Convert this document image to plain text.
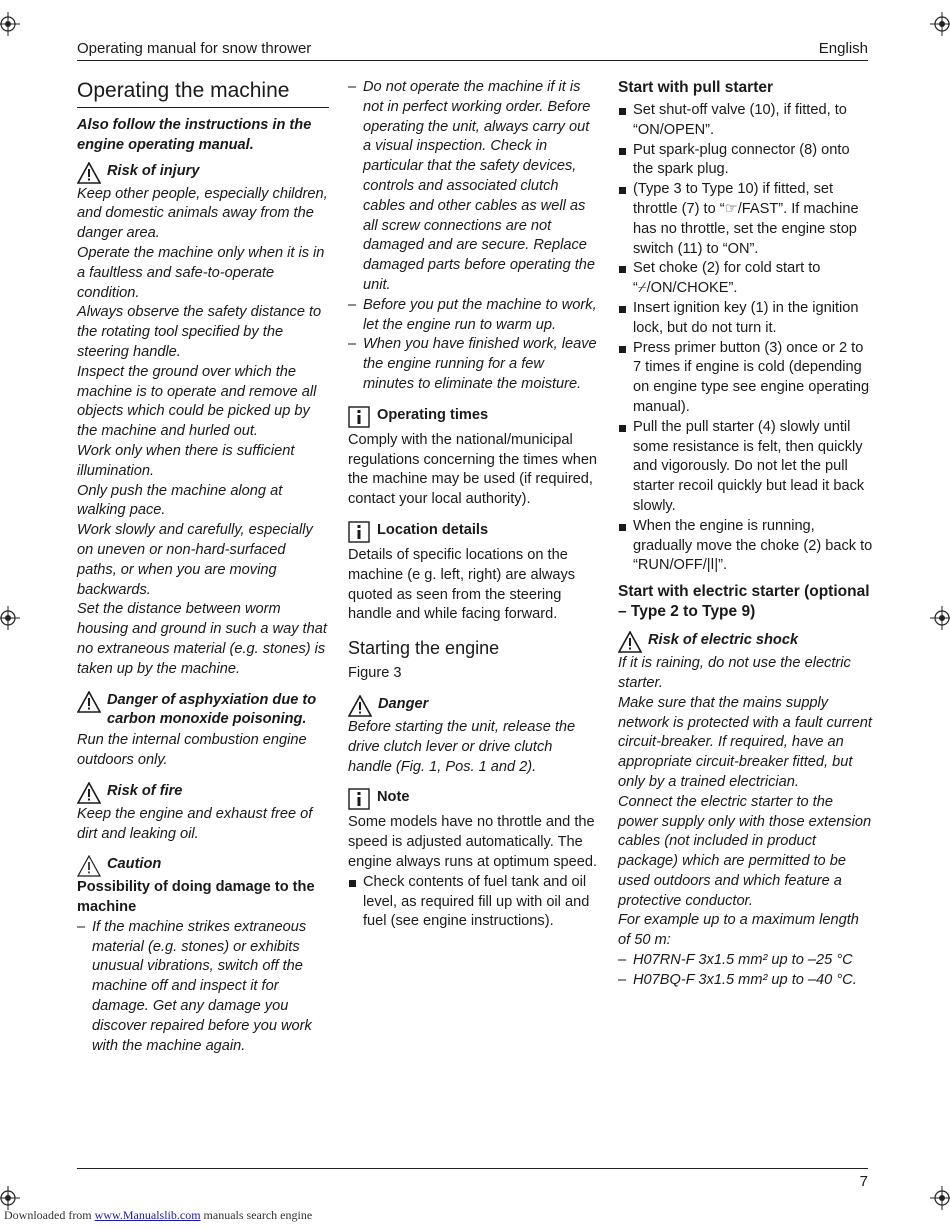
Operating manual for snow thrower	English
Operating the machine

Also follow the instructions in the engine operating manual.

Risk of injury

Keep other people, especially children, and domestic animals away from the danger area.

Operate the machine only when it is in a faultless and safe-to-operate condition.

Always observe the safety distance to the rotating tool specified by the steering handle.

Inspect the ground over which the machine is to operate and remove all objects which could be picked up by the machine and hurled out.

Work only when there is sufficient illumination.

Only push the machine along at walking pace.

Work slowly and carefully, especially on uneven or non-hard-surfaced paths, or when you are moving backwards.

Set the distance between worm housing and ground in such a way that no extraneous material (e.g. stones) is taken up by the machine.

Danger of asphyxiation due to carbon monoxide poisoning.

Run the internal combustion engine outdoors only.

Risk of fire

Keep the engine and exhaust free of dirt and leaking oil.

Caution

Possibility of doing damage to the machine

– If the machine strikes extraneous material (e.g. stones) or exhibits unusual vibrations, switch off the machine off and inspect it for damage. Get any damage you discover repaired before you work with the machine again.

– Do not operate the machine if it is not in perfect working order. Before operating the unit, always carry out a visual inspection. Check in particular that the safety devices, controls and associated clutch cables and other cables as well as all screw connections are not damaged and are secure. Replace damaged parts before operating the unit.

– Before you put the machine to work, let the engine run to warm up.

– When you have finished work, leave the engine running for a few minutes to eliminate the moisture.

Operating times

Comply with the national/municipal regulations concerning the times when the machine may be used (if required, contact your local authority).

Location details

Details of specific locations on the machine (e g. left, right) are always quoted as seen from the steering handle and while facing forward.

Starting the engine

Figure 3

Danger

Before starting the unit, release the drive clutch lever or drive clutch handle (Fig. 1, Pos. 1 and 2).

Note

Some models have no throttle and the speed is adjusted automatically. The engine always runs at optimum speed.

Check contents of fuel tank and oil level, as required fill up with oil and fuel (see engine instructions).

Start with pull starter

Set shut-off valve (10), if fitted, to “ON/OPEN”.

Put spark-plug connector (8) onto the spark plug.

(Type 3 to Type 10) if fitted, set throttle (7) to “☞/FAST”. If machine has no throttle, set the engine stop switch (11) to “ON”.

Set choke (2) for cold start to “⌿/ON/CHOKE”.

Insert ignition key (1) in the ignition lock, but do not turn it.

Press primer button (3) once or 2 to 7 times if engine is cold (depending on engine type see engine operating manual).

Pull the pull starter (4) slowly until some resistance is felt, then quickly and vigorously. Do not let the pull starter recoil quickly but lead it back slowly.

When the engine is running, gradually move the choke (2) back to “RUN/OFF/|ǀ|”.

Start with electric starter (optional – Type 2 to Type 9)
Risk of electric shock

If it is raining, do not use the electric starter.

Make sure that the mains supply network is protected with a fault current circuit-breaker. If required, have an appropriate circuit-breaker fitted, but only by a trained electrician.

Connect the electric starter to the power supply only with those extension cables (not included in product package) which are permitted to be used outdoors and which feature a protective conductor.

For example up to a maximum length of 50 m:

– H07RN-F 3x1.5 mm² up to –25 °C

– H07BQ-F 3x1.5 mm² up to –40 °C.

7
Downloaded from www.Manualslib.com manuals search engine
